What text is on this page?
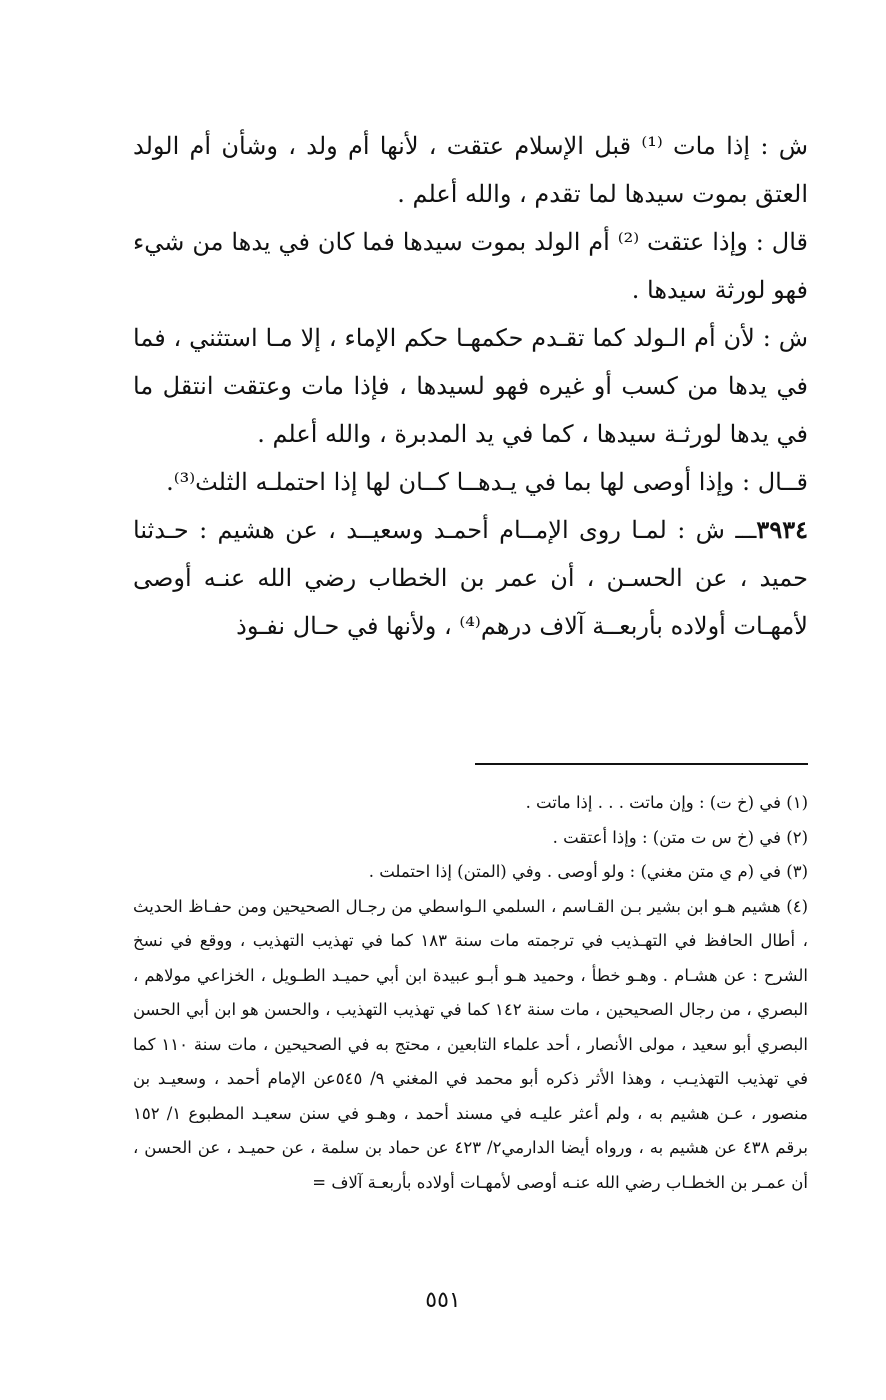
ش : إذا مات ⁽¹⁾ قبل الإسلام عتقت ، لأنها أم ولد ، وشأن أم الولد العتق بموت سيدها لما تقدم ، والله أعلم .

قال : وإذا عتقت ⁽²⁾ أم الولد بموت سيدها فما كان في يدها من شيء فهو لورثة سيدها .

ش : لأن أم الـولد كما تقـدم حكمهـا حكم الإماء ، إلا مـا استثني ، فما في يدها من كسب أو غيره فهو لسيدها ، فإذا مات وعتقت انتقل ما في يدها لورثـة سيدها ، كما في يد المدبرة ، والله أعلم .

قــال : وإذا أوصى لها بما في يـدهــا كــان لها إذا احتملـه الثلث⁽³⁾.

٣٩٣٤ـــ ش : لمـا روى الإمــام أحمـد وسعيــد ، عن هشيم : حـدثنا حميد ، عن الحسـن ، أن عمر بن الخطاب رضي الله عنـه أوصى لأمهـات أولاده بأربعــة آلاف درهم⁽⁴⁾ ، ولأنها في حـال نفـوذ

(١) في (خ ت) : وإن ماتت . . . إذا ماتت .

(٢) في (خ س ت متن) : وإذا أعتقت .

(٣) في (م ي متن مغني) : ولو أوصى . وفي (المتن) إذا احتملت .

(٤) هشيم هـو ابن بشير بـن القـاسم ، السلمي الـواسطي من رجـال الصحيحين ومن حفـاظ الحديث ، أطال الحافظ في التهـذيب في ترجمته مات سنة ١٨٣ كما في تهذيب التهذيب ، ووقع في نسخ الشرح : عن هشـام . وهـو خطأ ، وحميد هـو أبـو عبيدة ابن أبي حميـد الطـويل ، الخزاعي مولاهم ، البصري ، من رجال الصحيحين ، مات سنة ١٤٢ كما في تهذيب التهذيب ، والحسن هو ابن أبي الحسن البصري أبو سعيد ، مولى الأنصار ، أحد علماء التابعين ، محتج به في الصحيحين ، مات سنة ١١٠ كما في تهذيب التهذيـب ، وهذا الأثر ذكره أبو محمد في المغني ٩/ ٥٤٥عن الإمام أحمد ، وسعيـد بن منصور ، عـن هشيم به ، ولم أعثر عليـه في مسند أحمد ، وهـو في سنن سعيـد المطبوع ١/ ١٥٢ برقم ٤٣٨ عن هشيم به ، ورواه أيضا الدارمي٢/ ٤٢٣ عن حماد بن سلمة ، عن حميـد ، عن الحسن ، أن عمـر بن الخطـاب رضي الله عنـه أوصى لأمهـات أولاده بأربعـة آلاف =

٥٥١
